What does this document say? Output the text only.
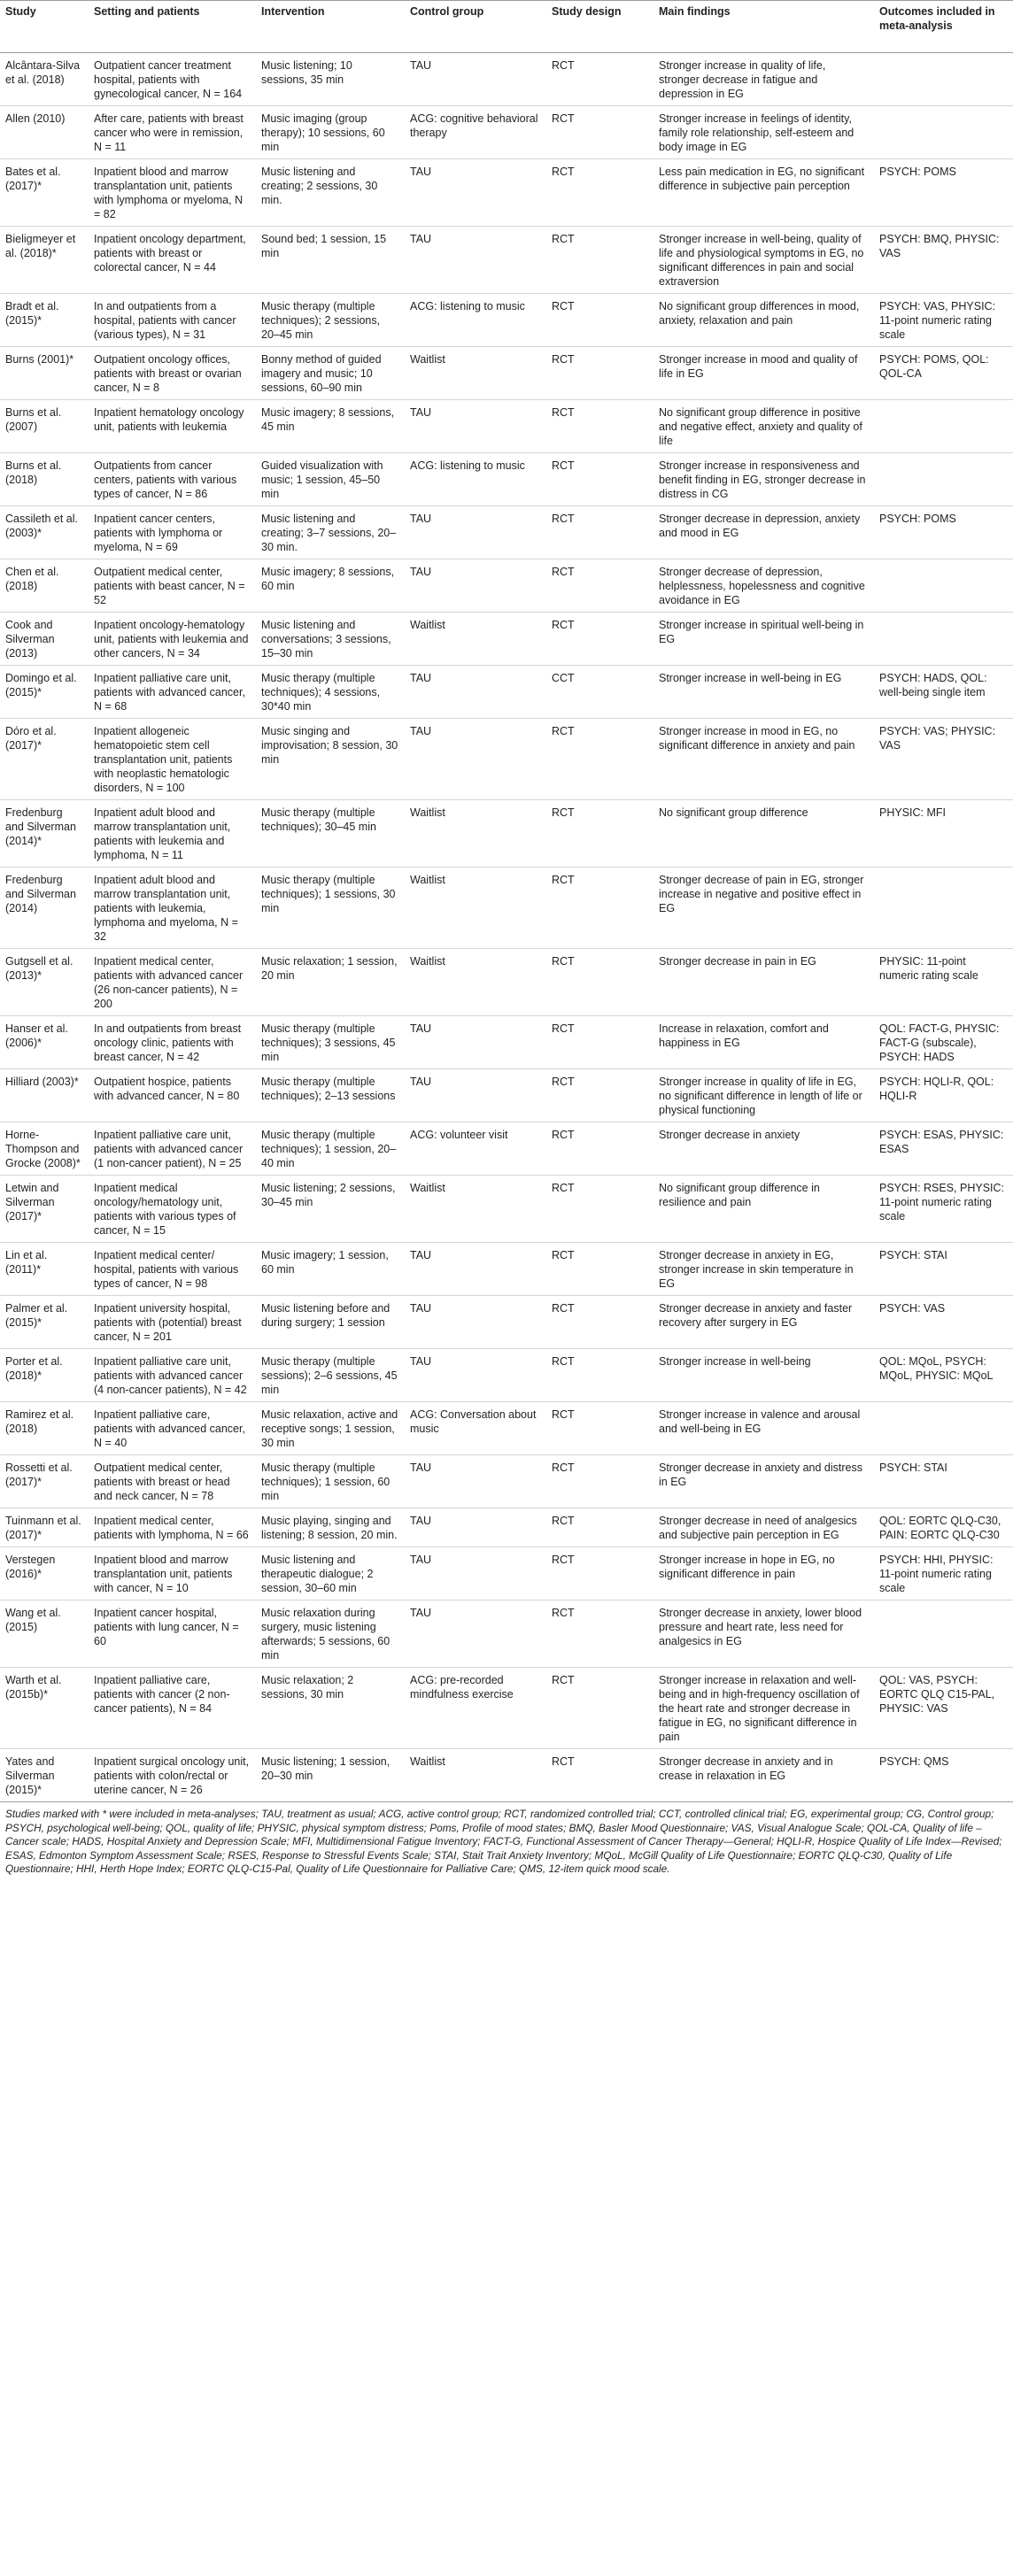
Study	Setting and patients	Intervention	Control group	Study design	Main findings	Outcomes included in meta-analysis
Alcântara-Silva et al. (2018)	Outpatient cancer treatment hospital, patients with gynecological cancer, N = 164	Music listening; 10 sessions, 35 min	TAU	RCT	Stronger increase in quality of life, stronger decrease in fatigue and depression in EG	
Allen (2010)	After care, patients with breast cancer who were in remission, N = 11	Music imaging (group therapy); 10 sessions, 60 min	ACG: cognitive behavioral therapy	RCT	Stronger increase in feelings of identity, family role relationship, self-esteem and body image in EG	
Bates et al. (2017)*	Inpatient blood and marrow transplantation unit, patients with lymphoma or myeloma, N = 82	Music listening and creating; 2 sessions, 30 min.	TAU	RCT	Less pain medication in EG, no significant difference in subjective pain perception	PSYCH: POMS
Bieligmeyer et al. (2018)*	Inpatient oncology department, patients with breast or colorectal cancer, N = 44	Sound bed; 1 session, 15 min	TAU	RCT	Stronger increase in well-being, quality of life and physiological symptoms in EG, no significant differences in pain and social extraversion	PSYCH: BMQ, PHYSIC: VAS
Bradt et al. (2015)*	In and outpatients from a hospital, patients with cancer (various types), N = 31	Music therapy (multiple techniques); 2 sessions, 20–45 min	ACG: listening to music	RCT	No significant group differences in mood, anxiety, relaxation and pain	PSYCH: VAS, PHYSIC: 11-point numeric rating scale
Burns (2001)*	Outpatient oncology offices, patients with breast or ovarian cancer, N = 8	Bonny method of guided imagery and music; 10 sessions, 60–90 min	Waitlist	RCT	Stronger increase in mood and quality of life in EG	PSYCH: POMS, QOL: QOL-CA
Burns et al. (2007)	Inpatient hematology oncology unit, patients with leukemia	Music imagery; 8 sessions, 45 min	TAU	RCT	No significant group difference in positive and negative effect, anxiety and quality of life	
Burns et al. (2018)	Outpatients from cancer centers, patients with various types of cancer, N = 86	Guided visualization with music; 1 session, 45–50 min	ACG: listening to music	RCT	Stronger increase in responsiveness and benefit finding in EG, stronger decrease in distress in CG	
Cassileth et al. (2003)*	Inpatient cancer centers, patients with lymphoma or myeloma, N = 69	Music listening and creating; 3–7 sessions, 20–30 min.	TAU	RCT	Stronger decrease in depression, anxiety and mood in EG	PSYCH: POMS
Chen et al. (2018)	Outpatient medical center, patients with beast cancer, N = 52	Music imagery; 8 sessions, 60 min	TAU	RCT	Stronger decrease of depression, helplessness, hopelessness and cognitive avoidance in EG	
Cook and Silverman (2013)	Inpatient oncology-hematology unit, patients with leukemia and other cancers, N = 34	Music listening and conversations; 3 sessions, 15–30 min	Waitlist	RCT	Stronger increase in spiritual well-being in EG	
Domingo et al. (2015)*	Inpatient palliative care unit, patients with advanced cancer, N = 68	Music therapy (multiple techniques); 4 sessions, 30*40 min	TAU	CCT	Stronger increase in well-being in EG	PSYCH: HADS, QOL: well-being single item
Dóro et al. (2017)*	Inpatient allogeneic hematopoietic stem cell transplantation unit, patients with neoplastic hematologic disorders, N = 100	Music singing and improvisation; 8 session, 30 min	TAU	RCT	Stronger increase in mood in EG, no significant difference in anxiety and pain	PSYCH: VAS; PHYSIC: VAS
Fredenburg and Silverman (2014)*	Inpatient adult blood and marrow transplantation unit, patients with leukemia and lymphoma, N = 11	Music therapy (multiple techniques); 30–45 min	Waitlist	RCT	No significant group difference	PHYSIC: MFI
Fredenburg and Silverman (2014)	Inpatient adult blood and marrow transplantation unit, patients with leukemia, lymphoma and myeloma, N = 32	Music therapy (multiple techniques); 1 sessions, 30 min	Waitlist	RCT	Stronger decrease of pain in EG, stronger increase in negative and positive effect in EG	
Gutgsell et al. (2013)*	Inpatient medical center, patients with advanced cancer (26 non-cancer patients), N = 200	Music relaxation; 1 session, 20 min	Waitlist	RCT	Stronger decrease in pain in EG	PHYSIC: 11-point numeric rating scale
Hanser et al. (2006)*	In and outpatients from breast oncology clinic, patients with breast cancer, N = 42	Music therapy (multiple techniques); 3 sessions, 45 min	TAU	RCT	Increase in relaxation, comfort and happiness in EG	QOL: FACT-G, PHYSIC: FACT-G (subscale), PSYCH: HADS
Hilliard (2003)*	Outpatient hospice, patients with advanced cancer, N = 80	Music therapy (multiple techniques); 2–13 sessions	TAU	RCT	Stronger increase in quality of life in EG, no significant difference in length of life or physical functioning	PSYCH: HQLI-R, QOL: HQLI-R
Horne-Thompson and Grocke (2008)*	Inpatient palliative care unit, patients with advanced cancer (1 non-cancer patient), N = 25	Music therapy (multiple techniques); 1 session, 20–40 min	ACG: volunteer visit	RCT	Stronger decrease in anxiety	PSYCH: ESAS, PHYSIC: ESAS
Letwin and Silverman (2017)*	Inpatient medical oncology/hematology unit, patients with various types of cancer, N = 15	Music listening; 2 sessions, 30–45 min	Waitlist	RCT	No significant group difference in resilience and pain	PSYCH: RSES, PHYSIC: 11-point numeric rating scale
Lin et al. (2011)*	Inpatient medical center/ hospital, patients with various types of cancer, N = 98	Music imagery; 1 session, 60 min	TAU	RCT	Stronger decrease in anxiety in EG, stronger increase in skin temperature in EG	PSYCH: STAI
Palmer et al. (2015)*	Inpatient university hospital, patients with (potential) breast cancer, N = 201	Music listening before and during surgery; 1 session	TAU	RCT	Stronger decrease in anxiety and faster recovery after surgery in EG	PSYCH: VAS
Porter et al. (2018)*	Inpatient palliative care unit, patients with advanced cancer (4 non-cancer patients), N = 42	Music therapy (multiple sessions); 2–6 sessions, 45 min	TAU	RCT	Stronger increase in well-being	QOL: MQoL, PSYCH: MQoL, PHYSIC: MQoL
Ramirez et al. (2018)	Inpatient palliative care, patients with advanced cancer, N = 40	Music relaxation, active and receptive songs; 1 session, 30 min	ACG: Conversation about music	RCT	Stronger increase in valence and arousal and well-being in EG	
Rossetti et al. (2017)*	Outpatient medical center, patients with breast or head and neck cancer, N = 78	Music therapy (multiple techniques); 1 session, 60 min	TAU	RCT	Stronger decrease in anxiety and distress in EG	PSYCH: STAI
Tuinmann et al. (2017)*	Inpatient medical center, patients with lymphoma, N = 66	Music playing, singing and listening; 8 session, 20 min.	TAU	RCT	Stronger decrease in need of analgesics and subjective pain perception in EG	QOL: EORTC QLQ-C30, PAIN: EORTC QLQ-C30
Verstegen (2016)*	Inpatient blood and marrow transplantation unit, patients with cancer, N = 10	Music listening and therapeutic dialogue; 2 session, 30–60 min	TAU	RCT	Stronger increase in hope in EG, no significant difference in pain	PSYCH: HHI, PHYSIC: 11-point numeric rating scale
Wang et al. (2015)	Inpatient cancer hospital, patients with lung cancer, N = 60	Music relaxation during surgery, music listening afterwards; 5 sessions, 60 min	TAU	RCT	Stronger decrease in anxiety, lower blood pressure and heart rate, less need for analgesics in EG	
Warth et al. (2015b)*	Inpatient palliative care, patients with cancer (2 non-cancer patients), N = 84	Music relaxation; 2 sessions, 30 min	ACG: pre-recorded mindfulness exercise	RCT	Stronger increase in relaxation and well-being and in high-frequency oscillation of the heart rate and stronger decrease in fatigue in EG, no significant difference in pain	QOL: VAS, PSYCH: EORTC QLQ C15-PAL, PHYSIC: VAS
Yates and Silverman (2015)*	Inpatient surgical oncology unit, patients with colon/rectal or uterine cancer, N = 26	Music listening; 1 session, 20–30 min	Waitlist	RCT	Stronger decrease in anxiety and in crease in relaxation in EG	PSYCH: QMS

Studies marked with * were included in meta-analyses; TAU, treatment as usual; ACG, active control group; RCT, randomized controlled trial; CCT, controlled clinical trial; EG, experimental group; CG, Control group; PSYCH, psychological well-being; QOL, quality of life; PHYSIC, physical symptom distress; Poms, Profile of mood states; BMQ, Basler Mood Questionnaire; VAS, Visual Analogue Scale; QOL-CA, Quality of life – Cancer scale; HADS, Hospital Anxiety and Depression Scale; MFI, Multidimensional Fatigue Inventory; FACT-G, Functional Assessment of Cancer Therapy—General; HQLI-R, Hospice Quality of Life Index—Revised; ESAS, Edmonton Symptom Assessment Scale; RSES, Response to Stressful Events Scale; STAI, Stait Trait Anxiety Inventory; MQoL, McGill Quality of Life Questionnaire; EORTC QLQ-C30, Quality of Life Questionnaire; HHI, Herth Hope Index; EORTC QLQ-C15-Pal, Quality of Life Questionnaire for Palliative Care; QMS, 12-item quick mood scale.
